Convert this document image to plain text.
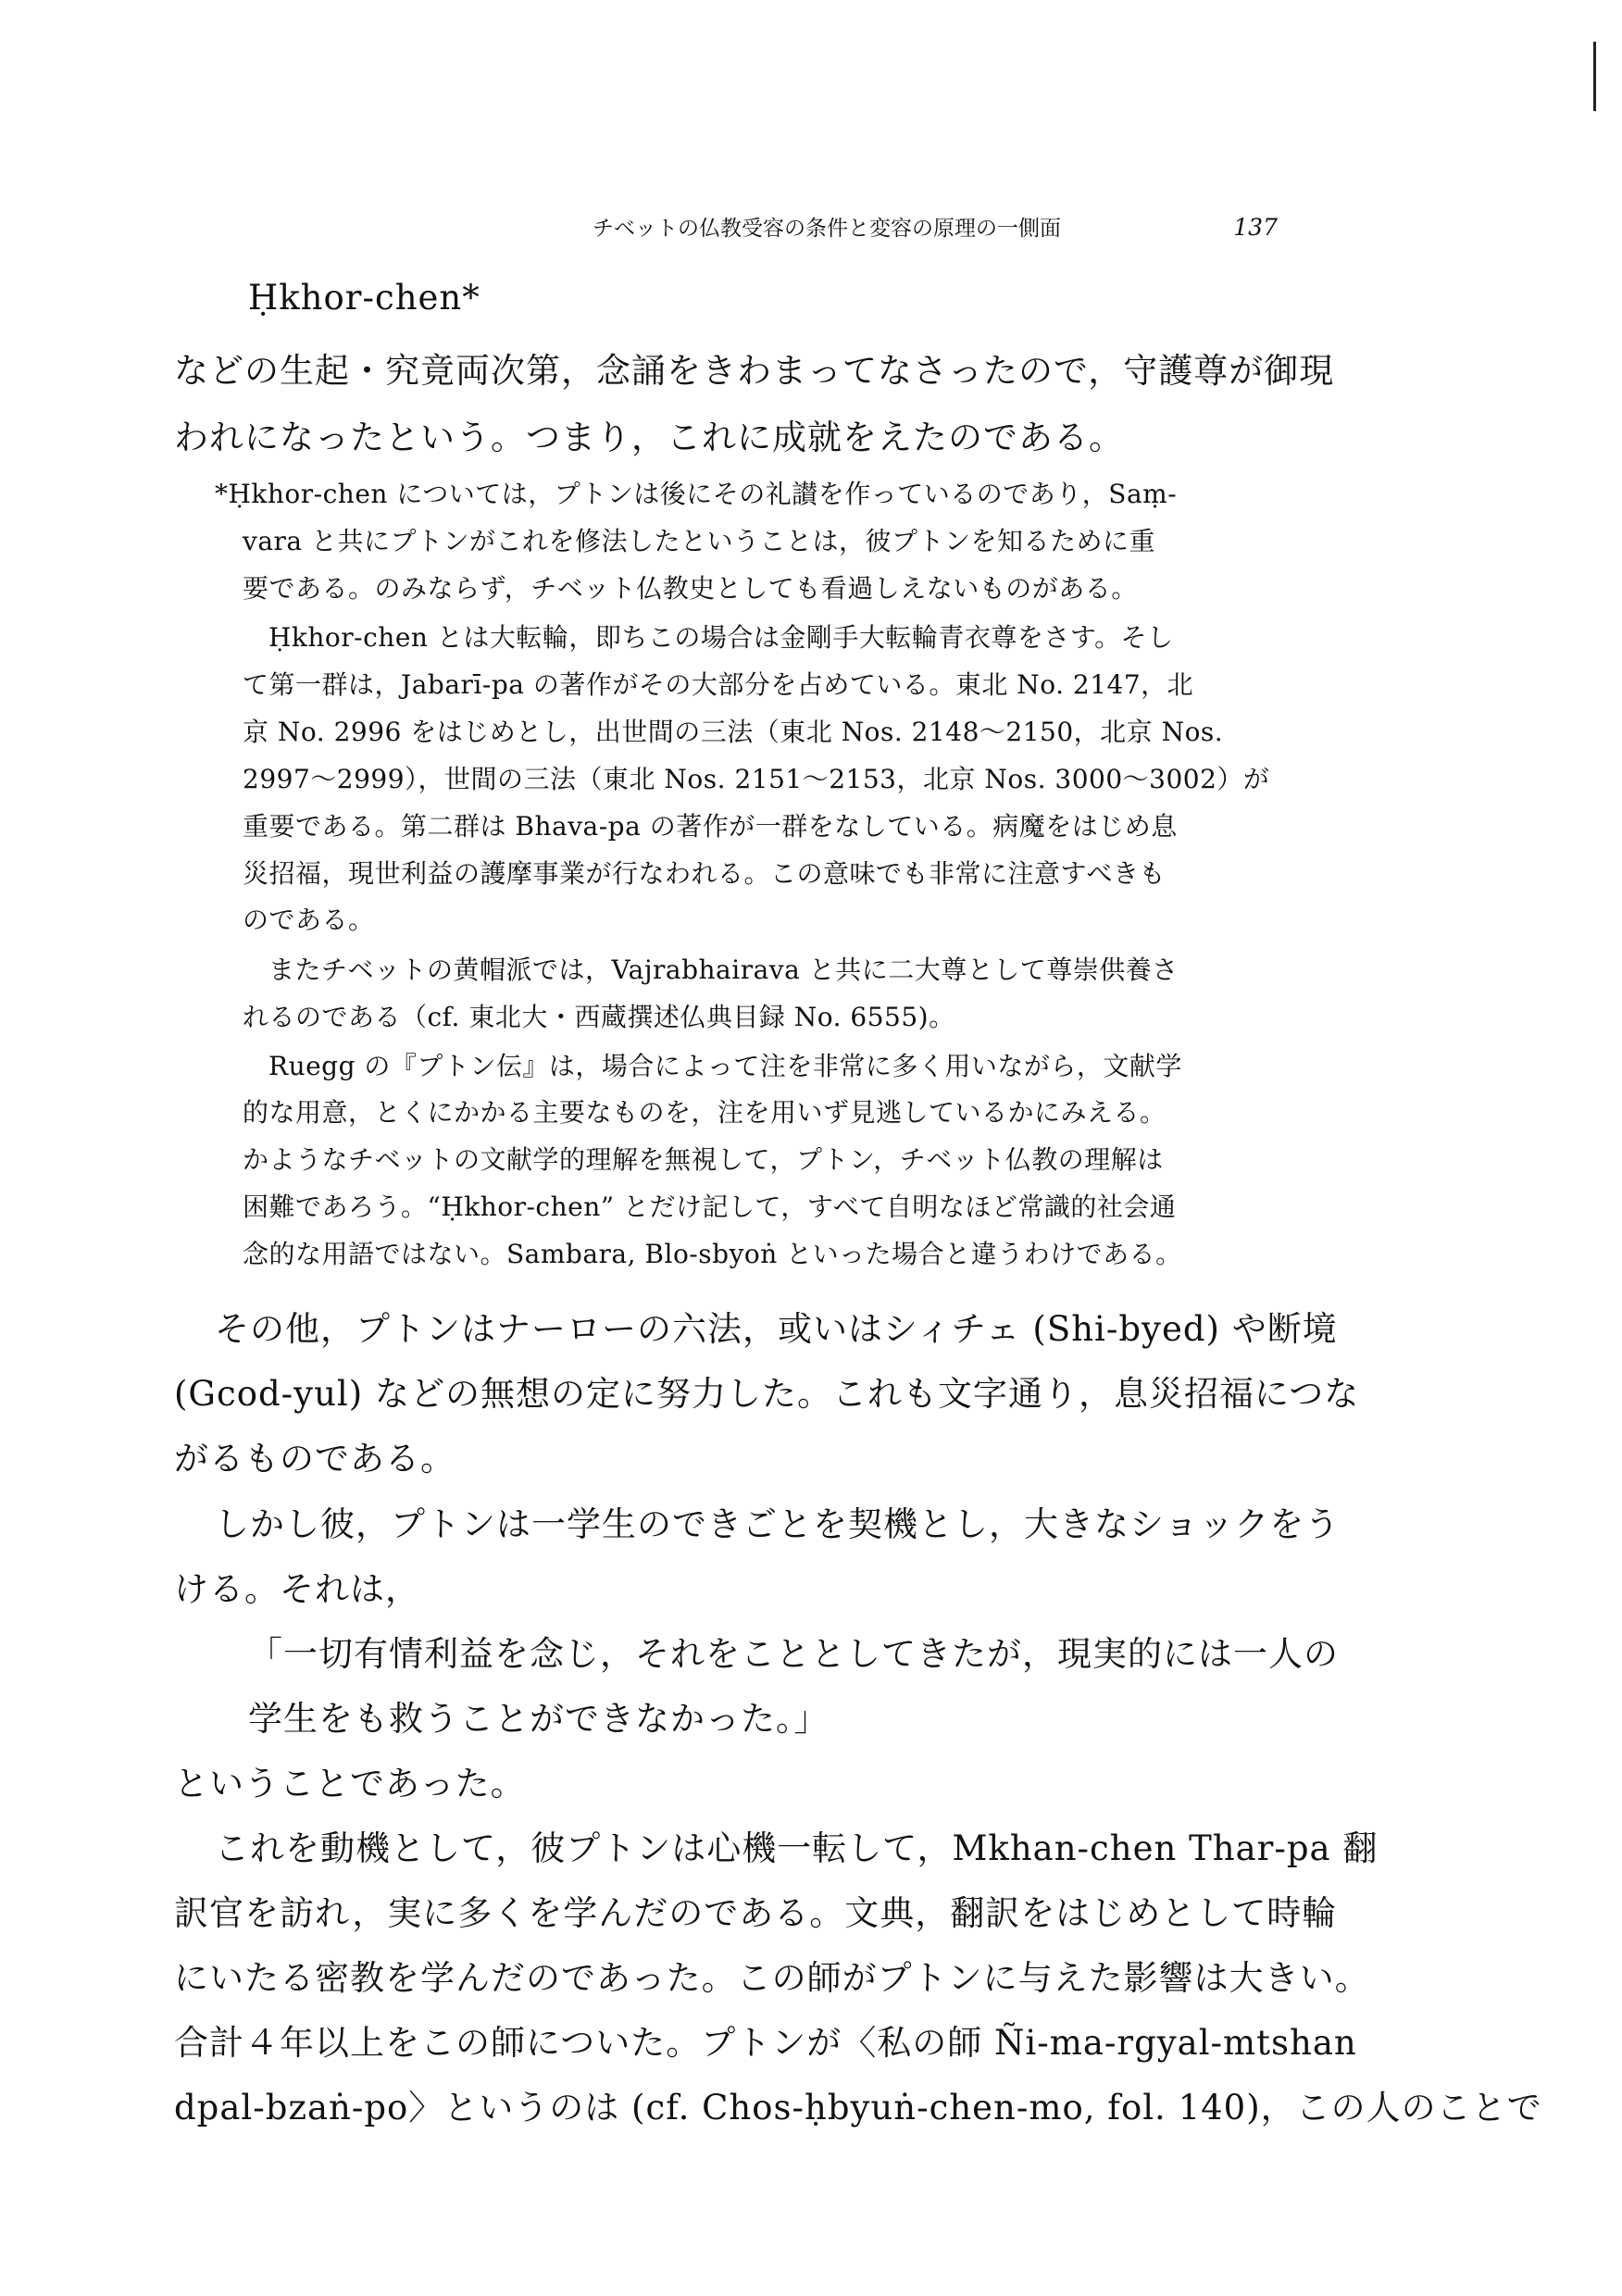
チベットの仏教受容の条件と変容の原理の一側面	137
Ḥkhor-chen*
などの生起・究竟両次第，念誦をきわまってなさったので，守護尊が御現
われになったという。つまり，これに成就をえたのである。
*Ḥkhor-chen については，プトンは後にその礼讃を作っているのであり，Saṃ-
vara と共にプトンがこれを修法したということは，彼プトンを知るために重
要である。のみならず，チベット仏教史としても看過しえないものがある。
Ḥkhor-chen とは大転輪，即ちこの場合は金剛手大転輪青衣尊をさす。そし
て第一群は，Jabarī-pa の著作がその大部分を占めている。東北 No. 2147，北
京 No. 2996 をはじめとし，出世間の三法（東北 Nos. 2148〜2150，北京 Nos.
2997〜2999），世間の三法（東北 Nos. 2151〜2153，北京 Nos. 3000〜3002）が
重要である。第二群は Bhava-pa の著作が一群をなしている。病魔をはじめ息
災招福，現世利益の護摩事業が行なわれる。この意味でも非常に注意すべきも
のである。
またチベットの黄帽派では，Vajrabhairava と共に二大尊として尊崇供養さ
れるのである（cf. 東北大・西蔵撰述仏典目録 No. 6555)。
Ruegg の『プトン伝』は，場合によって注を非常に多く用いながら，文献学
的な用意，とくにかかる主要なものを，注を用いず見逃しているかにみえる。
かようなチベットの文献学的理解を無視して，プトン，チベット仏教の理解は
困難であろう。“Ḥkhor-chen” とだけ記して，すべて自明なほど常識的社会通
念的な用語ではない。Sambara, Blo-sbyoṅ といった場合と違うわけである。
その他，プトンはナーローの六法，或いはシィチェ (Shi-byed) や断境
(Gcod-yul) などの無想の定に努力した。これも文字通り，息災招福につな
がるものである。
しかし彼，プトンは一学生のできごとを契機とし，大きなショックをう
ける。それは，
「一切有情利益を念じ，それをこととしてきたが，現実的には一人の
学生をも救うことができなかった。」
ということであった。
これを動機として，彼プトンは心機一転して，Mkhan-chen Thar-pa 翻
訳官を訪れ，実に多くを学んだのである。文典，翻訳をはじめとして時輪
にいたる密教を学んだのであった。この師がプトンに与えた影響は大きい。
合計４年以上をこの師についた。プトンが〈私の師 Ñi-ma-rgyal-mtshan
dpal-bzaṅ-po〉というのは (cf. Chos-ḥbyuṅ-chen-mo, fol. 140)，この人のことで
